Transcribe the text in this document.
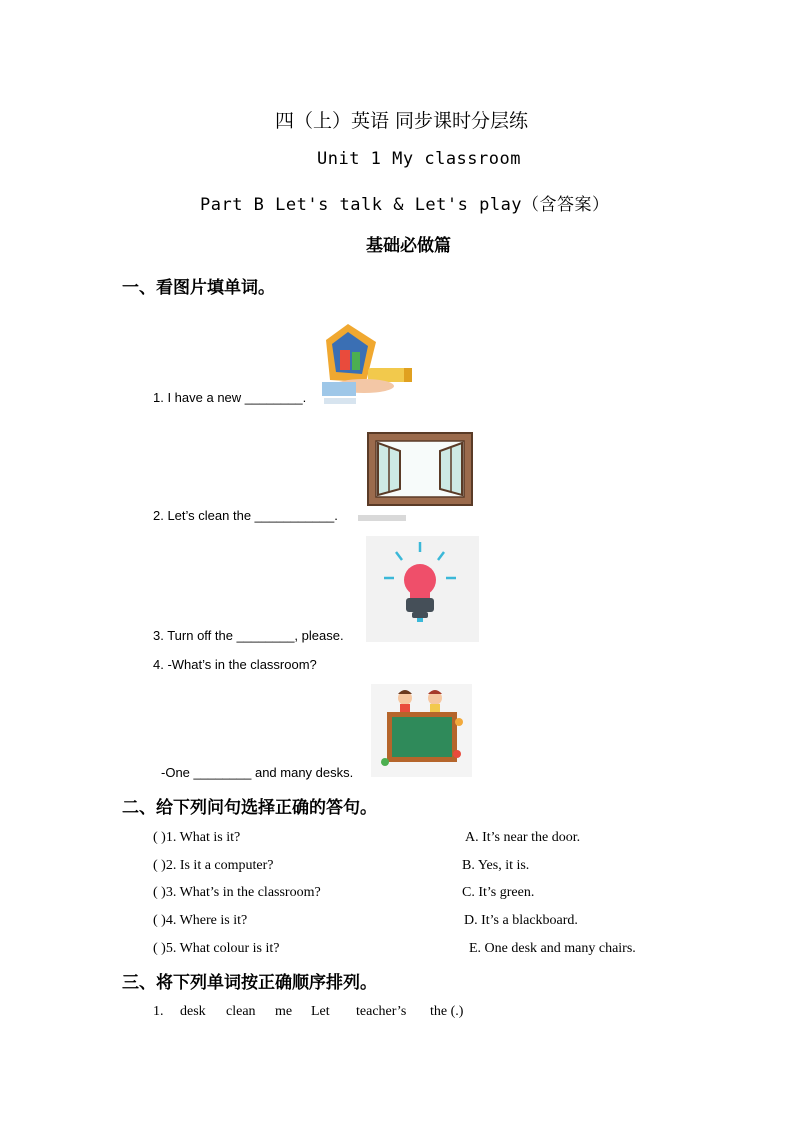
四（上）英语 同步课时分层练
Unit 1 My classroom
Part B Let's talk & Let's play（含答案）
基础必做篇
一、看图片填单词。
1. I have a new ________.
2. Let’s clean the ___________.
3. Turn off the ________, please.
4. -What’s in the classroom?
-One ________ and many desks.
二、给下列问句选择正确的答句。
( )1. What is it?
( )2. Is it a computer?
( )3. What’s in the classroom?
( )4. Where is it?
( )5. What colour is it?
A. It’s near the door.
B. Yes, it is.
C. It’s green.
D. It’s a blackboard.
E. One desk and many chairs.
三、将下列单词按正确顺序排列。
1. desk clean me Let teacher’s the (.)
